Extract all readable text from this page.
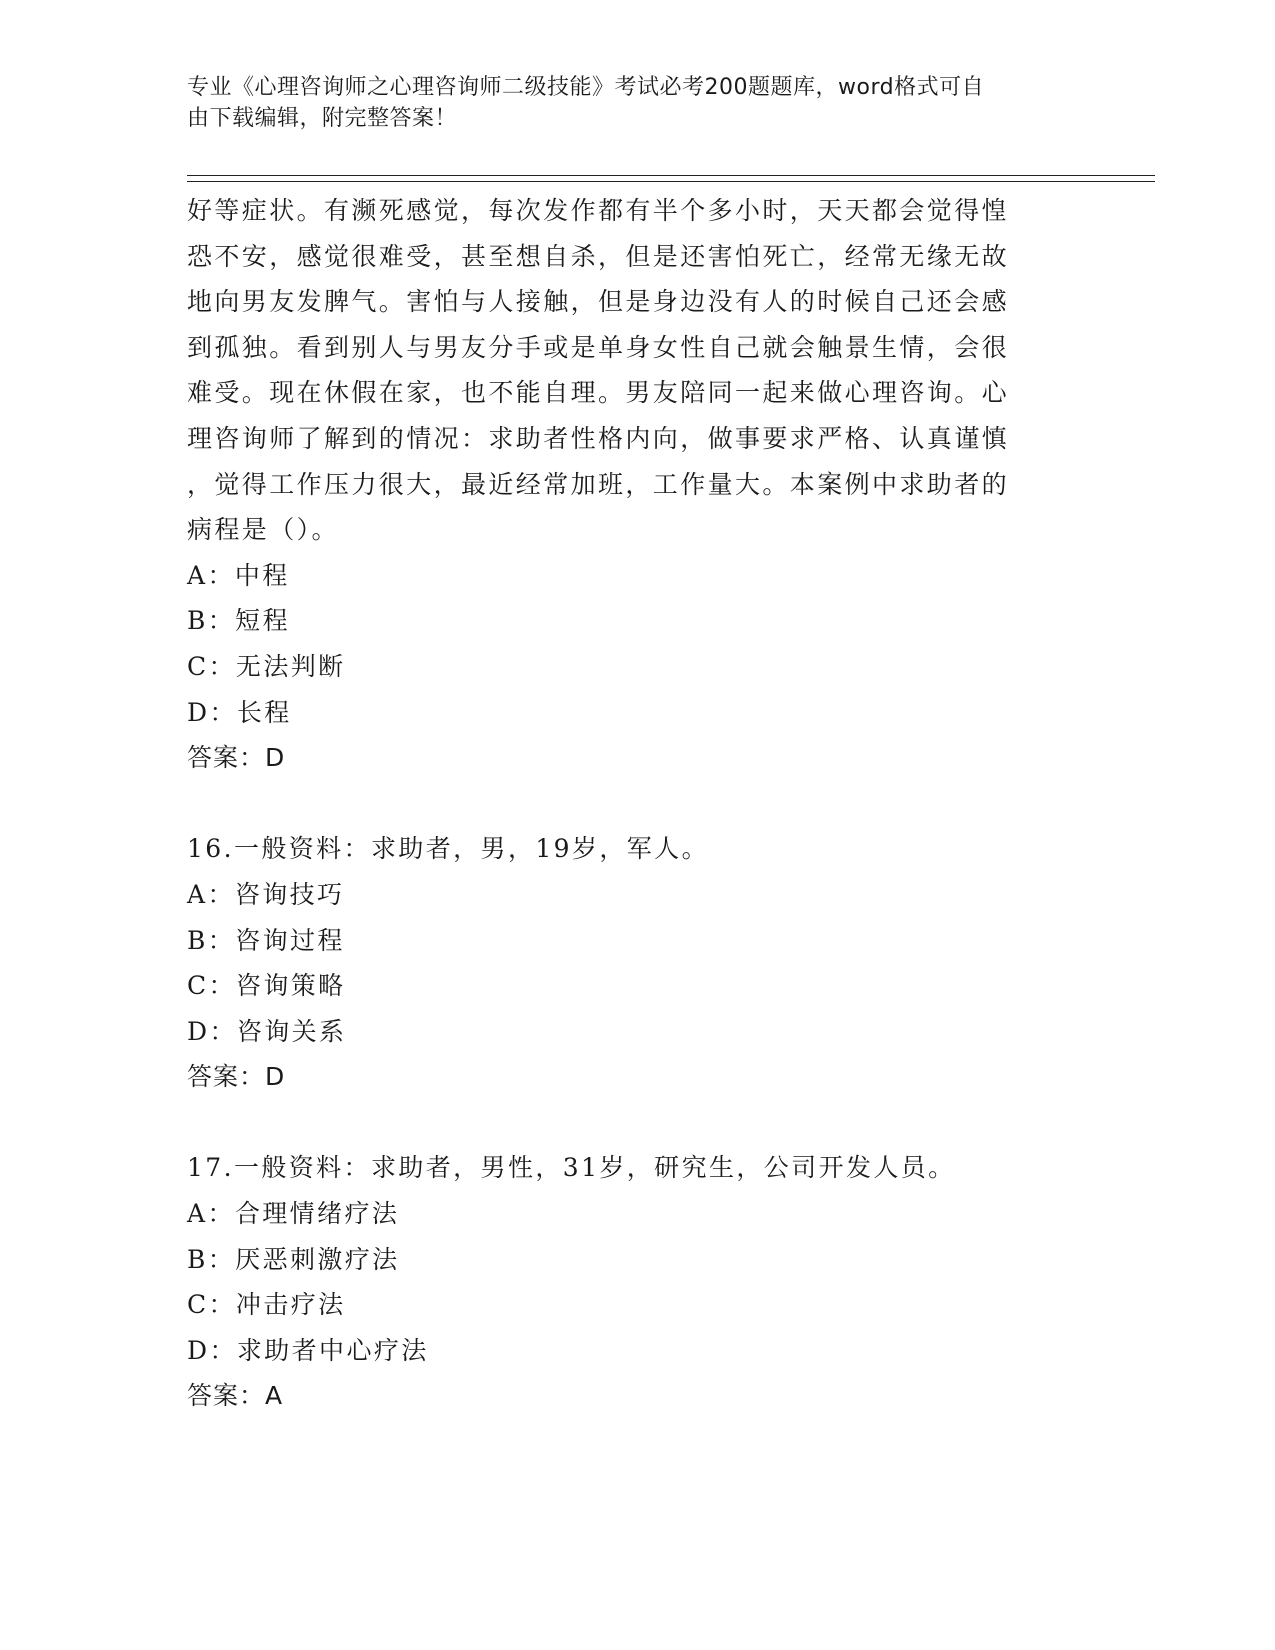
专业《心理咨询师之心理咨询师二级技能》考试必考200题题库，word格式可自
由下载编辑，附完整答案！
好等症状。有濒死感觉，每次发作都有半个多小时，天天都会觉得惶
恐不安，感觉很难受，甚至想自杀，但是还害怕死亡，经常无缘无故
地向男友发脾气。害怕与人接触，但是身边没有人的时候自己还会感
到孤独。看到别人与男友分手或是单身女性自己就会触景生情，会很
难受。现在休假在家，也不能自理。男友陪同一起来做心理咨询。心
理咨询师了解到的情况：求助者性格内向，做事要求严格、认真谨慎
，觉得工作压力很大，最近经常加班，工作量大。本案例中求助者的
病程是（）。
A：中程
B：短程
C：无法判断
D：长程
答案：D
16.一般资料：求助者，男，19岁，军人。
A：咨询技巧
B：咨询过程
C：咨询策略
D：咨询关系
答案：D
17.一般资料：求助者，男性，31岁，研究生，公司开发人员。
A：合理情绪疗法
B：厌恶刺激疗法
C：冲击疗法
D：求助者中心疗法
答案：A
